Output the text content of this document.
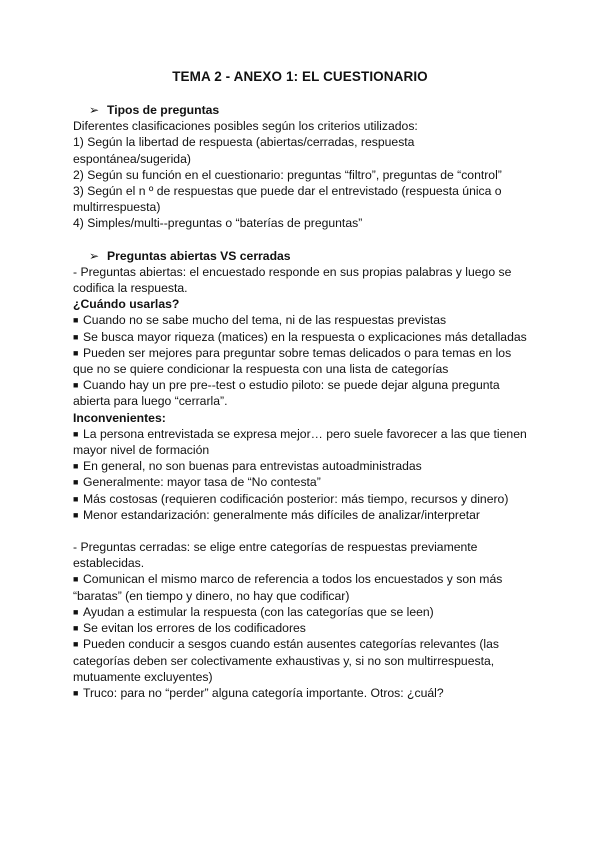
TEMA 2 - ANEXO 1: EL CUESTIONARIO
➢ Tipos de preguntas
Diferentes clasificaciones posibles según los criterios utilizados:
1) Según la libertad de respuesta (abiertas/cerradas, respuesta
espontánea/sugerida)
2) Según su función en el cuestionario: preguntas “filtro”, preguntas de “control”
3) Según el n º de respuestas que puede dar el entrevistado (respuesta única o
multirrespuesta)
4) Simples/multi--preguntas o “baterías de preguntas”
➢ Preguntas abiertas VS cerradas
- Preguntas abiertas: el encuestado responde en sus propias palabras y luego se
codifica la respuesta.
¿Cuándo usarlas?
■ Cuando no se sabe mucho del tema, ni de las respuestas previstas
■ Se busca mayor riqueza (matices) en la respuesta o explicaciones más detalladas
■ Pueden ser mejores para preguntar sobre temas delicados o para temas en los
que no se quiere condicionar la respuesta con una lista de categorías
■ Cuando hay un pre pre--test o estudio piloto: se puede dejar alguna pregunta
abierta para luego “cerrarla”.
Inconvenientes:
■ La persona entrevistada se expresa mejor… pero suele favorecer a las que tienen
mayor nivel de formación
■ En general, no son buenas para entrevistas autoadministradas
■ Generalmente: mayor tasa de “No contesta”
■ Más costosas (requieren codificación posterior: más tiempo, recursos y dinero)
■ Menor estandarización: generalmente más difíciles de analizar/interpretar
- Preguntas cerradas: se elige entre categorías de respuestas previamente
establecidas.
■ Comunican el mismo marco de referencia a todos los encuestados y son más
“baratas” (en tiempo y dinero, no hay que codificar)
■ Ayudan a estimular la respuesta (con las categorías que se leen)
■ Se evitan los errores de los codificadores
■ Pueden conducir a sesgos cuando están ausentes categorías relevantes (las
categorías deben ser colectivamente exhaustivas y, si no son multirrespuesta,
mutuamente excluyentes)
■ Truco: para no “perder” alguna categoría importante. Otros: ¿cuál?
